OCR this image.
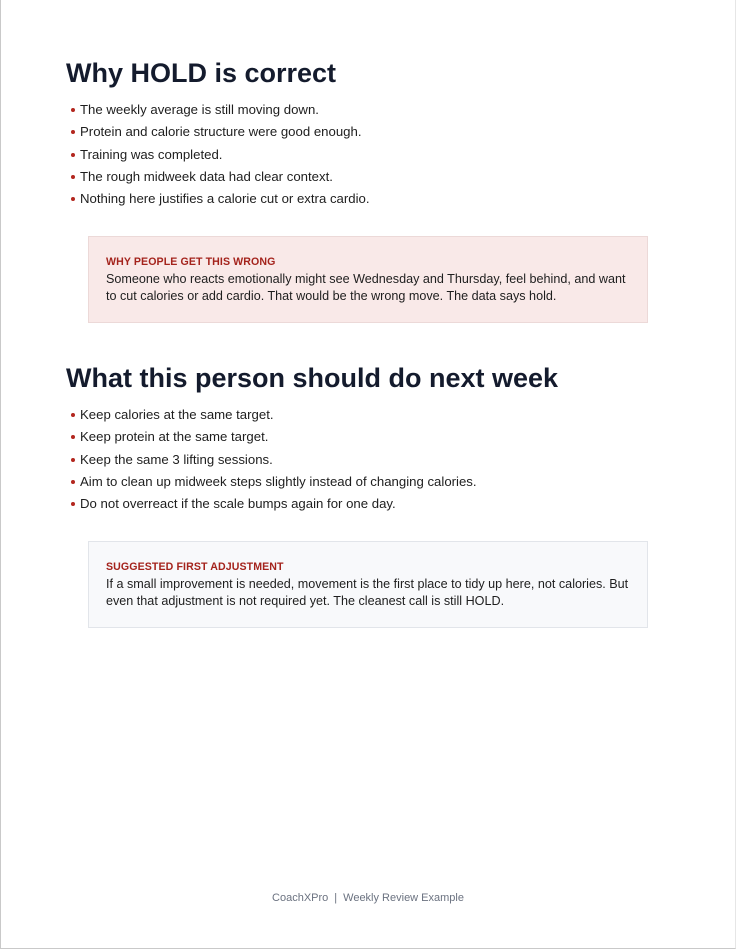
Why HOLD is correct
The weekly average is still moving down.
Protein and calorie structure were good enough.
Training was completed.
The rough midweek data had clear context.
Nothing here justifies a calorie cut or extra cardio.
WHY PEOPLE GET THIS WRONG
Someone who reacts emotionally might see Wednesday and Thursday, feel behind, and want to cut calories or add cardio. That would be the wrong move. The data says hold.
What this person should do next week
Keep calories at the same target.
Keep protein at the same target.
Keep the same 3 lifting sessions.
Aim to clean up midweek steps slightly instead of changing calories.
Do not overreact if the scale bumps again for one day.
SUGGESTED FIRST ADJUSTMENT
If a small improvement is needed, movement is the first place to tidy up here, not calories. But even that adjustment is not required yet. The cleanest call is still HOLD.
CoachXPro | Weekly Review Example
